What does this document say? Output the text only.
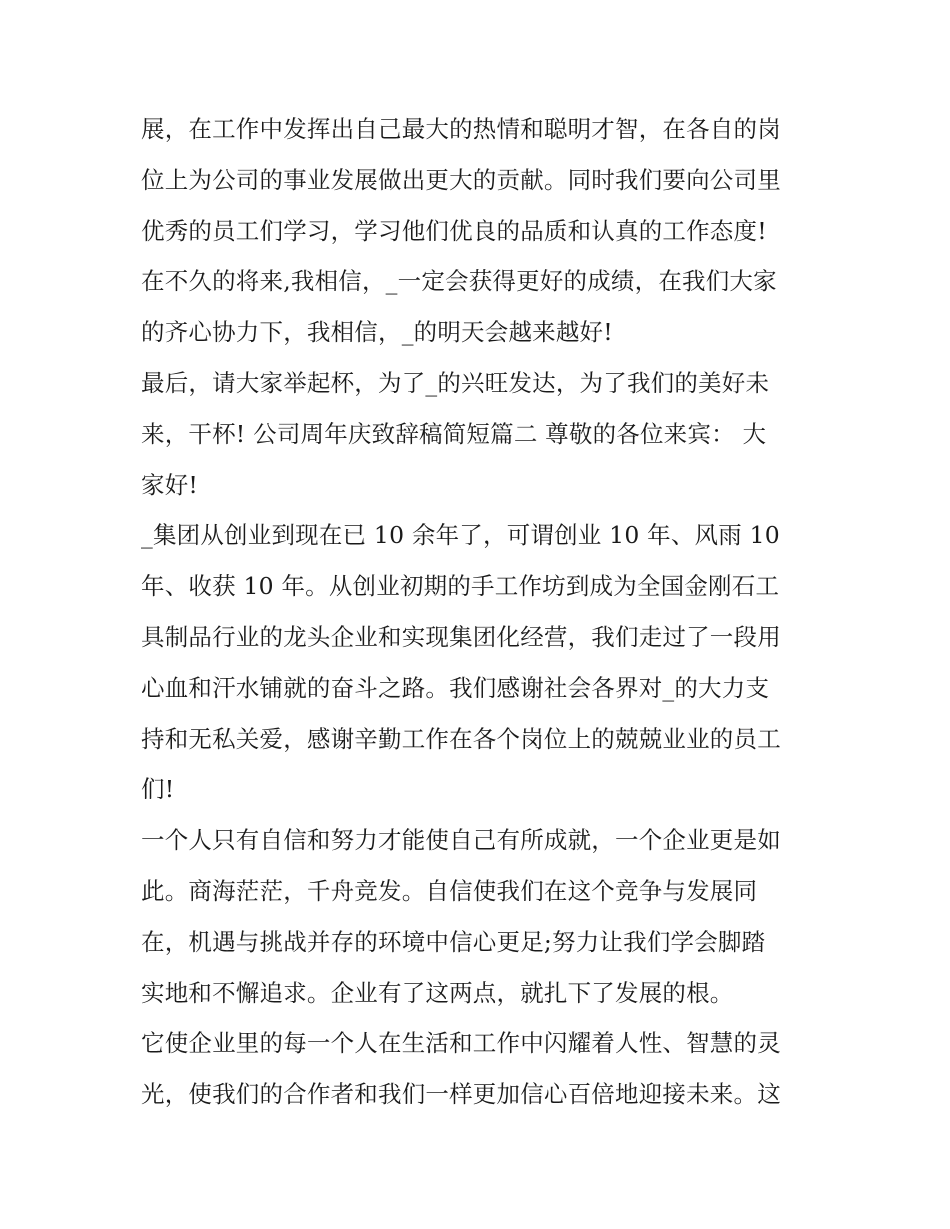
展，在工作中发挥出自己最大的热情和聪明才智，在各自的岗
位上为公司的事业发展做出更大的贡献。同时我们要向公司里
优秀的员工们学习，学习他们优良的品质和认真的工作态度!
在不久的将来,我相信，_一定会获得更好的成绩，在我们大家
的齐心协力下，我相信，_的明天会越来越好!
最后，请大家举起杯，为了_的兴旺发达，为了我们的美好未
来，干杯! 公司周年庆致辞稿简短篇二 尊敬的各位来宾： 大
家好!
_集团从创业到现在已 10 余年了，可谓创业 10 年、风雨 10
年、收获 10 年。从创业初期的手工作坊到成为全国金刚石工
具制品行业的龙头企业和实现集团化经营，我们走过了一段用
心血和汗水铺就的奋斗之路。我们感谢社会各界对_的大力支
持和无私关爱，感谢辛勤工作在各个岗位上的兢兢业业的员工
们!
一个人只有自信和努力才能使自己有所成就，一个企业更是如
此。商海茫茫，千舟竞发。自信使我们在这个竞争与发展同
在，机遇与挑战并存的环境中信心更足;努力让我们学会脚踏
实地和不懈追求。企业有了这两点，就扎下了发展的根。
它使企业里的每一个人在生活和工作中闪耀着人性、智慧的灵
光，使我们的合作者和我们一样更加信心百倍地迎接未来。这
